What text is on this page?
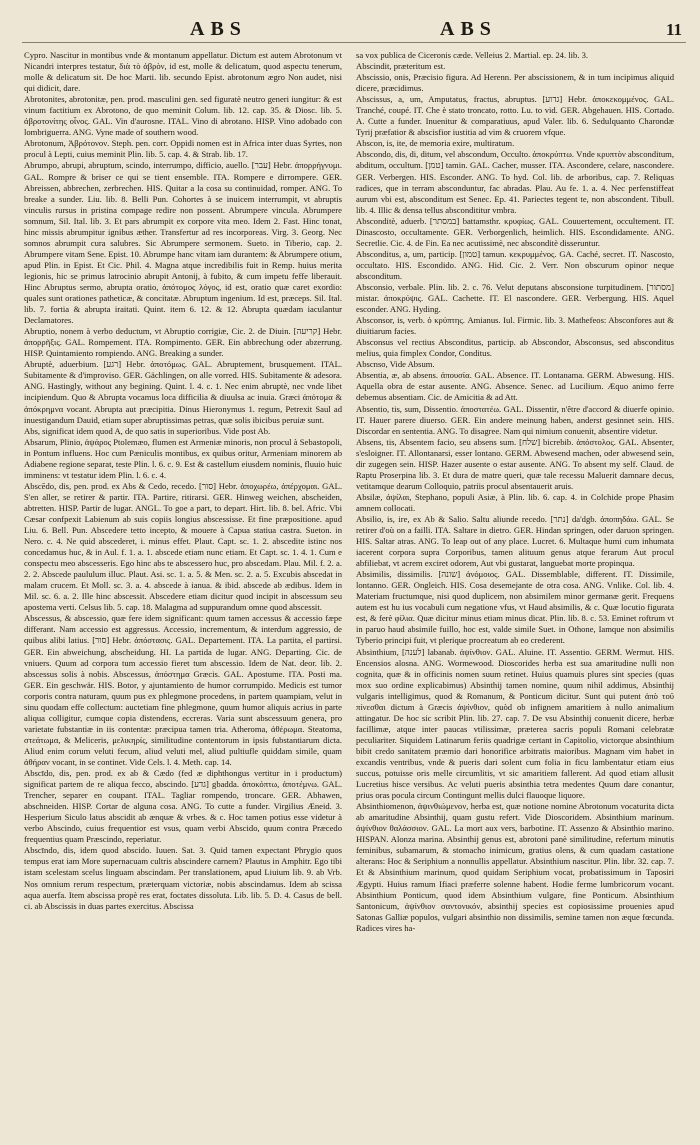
ABS	ABS	11

Cypro. Nascitur in montibus vnde & montanum appellatur. Dictum est autem Abrotonum vt Nicandri interpres testatur, διὰ τὸ ἁβρὸν, id est, molle & delicatum, quod aspectu tenerum, molle & delicatum sit. De hoc Marti. lib. secundo Epist. abrotonum ægro Non audet, nisi qui didicit, dare.

Abrotonites, abrotonitæ, pen. prod. masculini gen. sed figuratè neutro generi iungitur: & est vinum factitium ex Abrotono, de quo meminit Colum. lib. 12. cap. 35. & Diosc. lib. 5. ἀβροτονίτης οἶνος. GAL. Vin d'aurosne. ITAL. Vino di abrotano. HISP. Vino adobado con lombriguerra. ANG. Vyne made of southern wood.

Abrotonum, Ἀβρότονον. Steph. pen. corr. Oppidi nomen est in Africa inter duas Syrtes, non procul à Lepti, cuius meminit Plin. lib. 5. cap. 4. & Strab. lib. 17.

Abrumpo, abrupi, abruptum, scindo, interrumpo, difficio, auello. [עבר] Hebr. ἀπορρήγνυμι. GAL. Rompre & briser ce qui se tient ensemble. ITA. Rompere e dirrompere. GER. Abreissen, abbrechen, zerbrechen. HIS. Quitar a la cosa su continuidad, romper. ANG. To breake a sunder. Liu. lib. 8. Belli Pun. Cohortes à se inuicem interrumpit, vt abruptis vinculis rursus in pristina compage redire non possent. Abrumpere vincula. Abrumpere somnum, Sil. Ital. lib. 3. Et pars abrumpit ex corpore vita meo. Idem 2. Fast. Hinc tonat, hinc missis abrumpitur ignibus æther. Transfertur ad res incorporeas. Virg. 3. Georg. Nec somnos abrumpit cura salubres. Sic Abrumpere sermonem. Sueto. in Tiberio, cap. 2. Abrumpere vitam Sene. Epist. 10. Abrumpe hanc vitam iam durantem: & Abrumpere otium, apud Plin. in Epist. Et Cic. Phil. 4. Magna atque incredibilis fuit in Remp. huius merita legionis, hic se primus latrocinio abrupit Antonij, à fubito, & cum impetu feffe liberauit. Hinc Abruptus sermo, abrupta oratio, ἀπότομος λόγος, id est, oratio quæ caret exordio: quales sunt orationes patheticæ, & concitatæ. Abruptum ingenium. Id est, præceps. Sil. Ital. lib. 7. fortia & abrupta iraitati. Quint. item 6. 12. & 12. Abrupta quædam iaculantur Declamatores.

Abruptio, nonem à verbo deductum, vt Abruptio corrigiæ, Cic. 2. de Diuin. [קריעה] Hebr. ἀπορρῆξις. GAL. Rompement. ITA. Rompimento. GER. Ein abbrechung oder abzerrung. HISP. Quintamiento rompiendo. ANG. Breaking a sunder.

Abruptè, aduerbium. [רגע] Hebr. ἀποτόμως. GAL. Abruptement, brusquement. ITAL. Subitamente & d'improviso. GER. Gächlingen, on alle vorred. HIS. Subitamente & adesora. ANG. Hastingly, without any begining. Quint. l. 4. c. 1. Nec enim abruptè, nec vnde libet incipiendum. Quo & Abrupta vocamus loca difficilia & diuulsa ac inuia. Græci ἀπότομα & ἀπόκρημνα vocant. Abrupta aut præcipitia. Dinus Hieronymus 1. regum, Petrexit Saul ad inuestigandum Dauid, etiam super abruptissimas petras, quæ solis ibicibus peruiæ sunt.

Abs, significat idem quod A, de quo satis in superioribus. Vide post Ab.

Absarum, Plinio, ἀψάρος Ptolemæo, flumen est Armeniæ minoris, non procul à Sebastopoli, in Pontum influens. Hoc cum Pæniculis montibus, ex quibus oritur, Armeniam minorem ab Adiabene regione separat, teste Plin. l. 6. c. 9. Est & castellum eiusdem nominis, fluuio huic imminens: vt testatur idem Plin. l. 6. c. 4.

Abscēdo, dis, pen. prod. ex Abs & Cedo, recedo. [סור] Hebr. ἀποχωρέω, ἀπέρχομαι. GAL. S'en aller, se retirer & partir. ITA. Partire, ritirarsi. GER. Hinweg weichen, abscheiden, abtretten. HISP. Partir de lugar. ANGL. To goe a part, to depart. Hirt. lib. 8. bel. Afric. Vbi Cæsar confpexit Labienum ab suis copiis longius abscessisse. Et fine præpositione. apud Liu. 6. Bell. Pun. Abscedere tetto incepto, & mouere à Capua statiua castra. Sueton. in Nero. c. 4. Ne quid abscederet, i. minus effet. Plaut. Capt. sc. 1. 2. abscedite istinc nos concedamus huc, & in Aul. f. 1. a. 1. abscede etiam nunc etiam. Et Capt. sc. 1. 4. 1. Cum e conspectu meo abscesseris. Ego hinc abs te abscessero huc, pro abscedam. Plau. Mil. f. 2. a. 2. 2. Abscede paululum illuc. Plaut. Asi. sc. 1. a. 5. & Men. sc. 2. a. 5. Excubis abscedat in malam crucem. Et Moll. sc. 3. a. 4. abscede à ianua. & ibid. abscede ab ædibus. Idem in Mil. sc. 6. a. 2. Ille hinc abscessit. Abscedere etiam dicitur quod incipit in abscessum seu apostema verti. Celsus lib. 5. cap. 18. Malagma ad suppurandum omne quod abscessit.

Abscessus, & abscessio, quæ fere idem significant: quum tamen accessus & accessio fæpe differant. Nam accessio est aggressus. Accessio, incrementum, & interdum aggressio, de quibus alibi latius. [סור] Hebr. ἀπόστασις. GAL. Departement. ITA. La partita, el partirsi. GER. Ein abweichung, abscheidung. HI. La partida de lugar. ANG. Departing. Cic. de vniuers. Quum ad corpora tum accessio fieret tum abscessio. Idem de Nat. deor. lib. 2. abscessus solis à nobis. Abscessus, ἀπόστημα Græcis. GAL. Apostume. ITA. Posti ma. GER. Ein geschwär. HIS. Botor, y ajuntamiento de humor corrumpido. Medicis est tumor corporis contra naturam, quum pus ex phlegmone procedens, in partem quampiam, velut in sinu quodam effe collectum: auctetiam fine phlegmone, quum humor aliquis acrius in parte aliqua colligitur, cumque copia distendens, eccreras. Varia sunt abscessuum genera, pro varietate fubstantiæ in iis contentæ: præcipua tamen tria. Atheroma, ἀθέρωμα. Steatoma, στεάτωμα, & Meliceris, μελικηρίς, similitudine contentorum in ipsis fubstantiarum dicta. Aliud enim corum veluti fecum, aliud veluti mel, aliud pultiufle quiddam simile, quam ἀθήραν vocant, in se continet. Vide Cels. l. 4. Meth. cap. 14.

Abscīdo, dis, pen. prod. ex ab & Cædo (fed æ diphthongus vertitur in i productum) significat partem de re aliqua fecco, abscindo. [גדע] gbadda. ἀποκόπτω, ἀποτέμνω. GAL. Trencher, separer en coupant. ITAL. Tagliar rompendo, troncare. GER. Abhawen, abschneiden. HISP. Cortar de alguna cosa. ANG. To cutte a funder. Virgilius Æneid. 3. Hesperium Siculo latus abscidit ab ænquæ & vrbes. & c. Hoc tamen potius esse videtur à verbo Abscindo, cuius frequentior est vsus, quam verbi Abscido, quum contra Præcedo frequentius quam Præscindo, reperiatur.

Abscīndo, dis, idem quod abscido. Iuuen. Sat. 3. Quid tamen expectant Phrygio quos tempus erat iam More supernacuam cultris abscindere carnem? Plautus in Amphitr. Ego tibi istam scelestam scelus linguam abscindam. Per translationem, apud Liuium lib. 9. ab Vrb. Nos omnium rerum respectum, præterquam victoriæ, nobis abscindamus. Idem ab scissa aqua auerfa. Item abscissa propè res erat, foctates dissoluta. Lib. lib. 5. D. 4. Casus de bell. ci. ab Abscissis in duas partes exercitus. Abscissa

sa vox publica de Ciceronis cæde. Velleius 2. Martial. ep. 24. lib. 3.

Abscindit, præteritum est.

Abscissio, onis, Præcisio figura. Ad Herenn. Per abscissionem, & in tum incipimus aliquid dicere, præcidimus.

Abscissus, a, um, Amputatus, fractus, abruptus. [גדוע] Hebr. ἀποκεκομμένος. GAL. Tranché, coupé. IT. Che è stato troncato, rotto. Lu. to vid. GER. Abgehauen. HIS. Cortado. A. Cutte a funder. Inuenitur & comparatiuus, apud Valer. lib. 6. Sedulquanto Charondæ Tyrij præfatior & abscisfior iustitia ad vim & cruorem vfque.

Abscon, is, ite, de memoria exire, multiratum.

Abscondo, dis, di, ditum, vel abscondum, Occulto. ἀποκρύπτω. Vnde κρυπτὸν absconditum, abditum, occultum. [טמן] tamin. GAL. Cacher, musser. ITA. Ascondere, celare, nascondere. GER. Verbergen. HIS. Esconder. ANG. To hyd. Col. lib. de arboribus, cap. 7. Reliquas radices, que in terram absconduntur, fac abradas. Plau. Au fe. 1. a. 4. Nec perfenstiffeat aurum vbi est, absconditum est Senec. Ep. 41. Pariectes tegent te, non abscondent. Tibull. lib. 4. Illic & densa tellus abscondititur vmbra.

Absconditè, aduerb. [במסתר] battamsthr. κρυφίως. GAL. Couuertement, occultement. IT. Dinascosto, occultamente. GER. Verborgenlich, heimlich. HIS. Escondidamente. ANG. Secretlie. Cic. 4. de Fin. Ea nec acutissimè, nec absconditè disseruntur.

Absconditus, a, um, particip. [טמון] tamun. κεκρυμμένος. GA. Caché, secret. IT. Nascosto, occultato. HIS. Escondido. ANG. Hid. Cic. 2. Verr. Non obscurum opinor neque absconditum.

Absconsio, verbale. Plin. lib. 2. c. 76. Velut deputans absconsione turpitudinem. [מסתור] mistar. ἀποκρύψις. GAL. Cachette. IT. El nascondere. GER. Verbergung. HIS. Aquel esconder. ANG. Hyding.

Absconsor, is, verb. ὁ κρύπτης. Amianus. Iul. Firmic. lib. 3. Mathefeos: Absconfores aut & diuitiarum facies.

Absconsus vel rectius Absconditus, particip. ab Abscondor, Absconsus, sed absconditus melius, quia fimplex Condor, Conditus.

Abscnso, Vide Absum.

Absentia, æ, ab absens. ἀπουσία. GAL. Absence. IT. Lontanama. GERM. Abwesung. HIS. Aquella obra de estar ausente. ANG. Absence. Senec. ad Lucilium. Æquo animo ferre debemus absentiam. Cic. de Amicitia & ad Att.

Absentio, tis, sum, Dissentio. ἀποστατέω. GAL. Dissentir, n'être d'accord & diuerfe opinio. IT. Hauer parere diuerso. GER. Ein andere meinung haben, anderst gesinnet sein. HIS. Discordar en sententia. ANG. To disagree. Nam qui nimium conuenit, absentire videtur.

Absens, tis, Absentem facio, seu absens sum. [שלח] bicrebib. ἀπόστολος. GAL. Absenter, s'esloigner. IT. Allontanarsi, esser lontano. GERM. Abwesend machen, oder abwesend sein, dir zugegen sein. HISP. Hazer ausente o estar ausente. ANG. To absent my self. Claud. de Raptu Proserpina lib. 3. Et dura de matre queri, quæ tale recessu Maluerit damnare decus, vetitamque dearum Colloquio, patriis procul absentauerit aruis.

Absilæ, ἀψίλαι, Stephano, populi Asiæ, à Plin. lib. 6. cap. 4. in Colchide prope Phasim amnem collocati.

Absilio, is, ire, ex Ab & Salio. Saltu aliunde recedo. [נתר] da'dgb. ἀποπηδάω. GAL. Se retirer d'où on a failli. ITA. Saltare in dietro. GER. Hindan springen, oder daruon springen. HIS. Saltar atras. ANG. To leap out of any place. Lucret. 6. Multaque humi cum inhumata iacerent corpora supra Corporibus, tamen alituum genus atque ferarum Aut procul abfiliebat, vt acrem exciret odorem, Aut vbi gustarat, languebat morte propinqua.

Absimilis, dissimilis. [שונה] ἀνόμοιος. GAL. Dissemblable, different. IT. Dissimile, lontanno. GER. Ongleich. HIS. Cosa desemejante de otra cosa. ANG. Vnlike. Col. lib. 4. Materiam fructumque, nisi quod duplicem, non absimilem minor germanæ gerit. Frequens autem est hu ius vocabuli cum negatione vfus, vt Haud absimilis, & c. Quæ locutio figurata est, & ferè φίλια. Quæ dicitur minus etiam minus dicat. Plin. lib. 8. c. 53. Eminet roftrum vt in paruo haud absimile fuillo, hoc est, valde simile Suet. in Othone, Iamque non absimilis Tyberio principi fuit, vt plerique procreatum ab eo crederent.

Absinthium, [לענה] labanab. ἀψίνθιον. GAL. Aluine. IT. Assentio. GERM. Wermut. HIS. Encensios alosna. ANG. Wormewood. Dioscorides herba est sua amaritudine nulli non cognita, quæ & in officinis nomen suum retinet. Huius quamuis plures sint species (quas mox suo ordine explicabimus) Absinthij tamen nomine, quum nihil addimus, Absinthij vulgaris intelligimus, quod & Romanum, & Ponticum dicitur. Sunt qui putent ἀπὸ τοῦ πίνεσθαι dictum à Græcis ἀψίνθιον, quòd ob infignem amaritiem à nullo animalium attingatur. De hoc sic scribit Plin. lib. 27. cap. 7. De vsu Absinthij conuenit dicere, herbæ facillimæ, atque inter paucas vtilissimæ, præterea sacris populi Romani celebratæ peculiariter. Siquidem Latinarum feriis quadrigæ certant in Capitolio, victorque absinthium bibit credo sanitatem præmio dari honorifice arbitratis maioribus. Magnam vim habet in excandis ventribus, vnde & pueris dari solent cum folia in ficu lambentatur etiam eius succus, potuisse oris melle circumlitis, vt sic amaritiem fallerent. Ad quod etiam allusit Lucretius hisce versibus. Ac veluti pueris absinthia tetra medentes Quum dare conantur, prius oras pocula circum Contingunt mellis dulci flauoque liquore.

Absinthiomenon, ἀψινθιώμενον, herba est, quæ notione nomine Abrotonum vocaturita dicta ab amaritudine Absinthij, quam gustu refert. Vide Dioscoridem. Absinthium marinum. ἀψίνθιον θαλάσσιον. GAL. La mort aux vers, barbotine. IT. Assenzo & Absinthio marino. HISPAN. Alonza marina. Absinthij genus est, abrotoni panè similitudine, refertum minutis feminibus, subamarum, & stomacho inimicum, gratius olens, & cum quadam castatione alterans: Hoc & Seriphium a nonnullis appellatur. Absinthium nascitur. Plin. libr. 32. cap. 7. Et & Absinthium marinum, quod quidam Seriphium vocat, probatissimum in Taposiri Ægypti. Huius ramum Ifiaci præferre solenne habent. Hodie ferme lumbricorum vocant. Absinthium Ponticum, quod idem Absinthium vulgare, fine Ponticum. Absinthium Santonicum, ἀψίνθιον σαντονικόν, absinthij species est copiosissime prouenies apud Satonas Galliæ populos, vulgari absinthio non dissimilis, semine tamen non æque fœcunda. Radices vires ha-
